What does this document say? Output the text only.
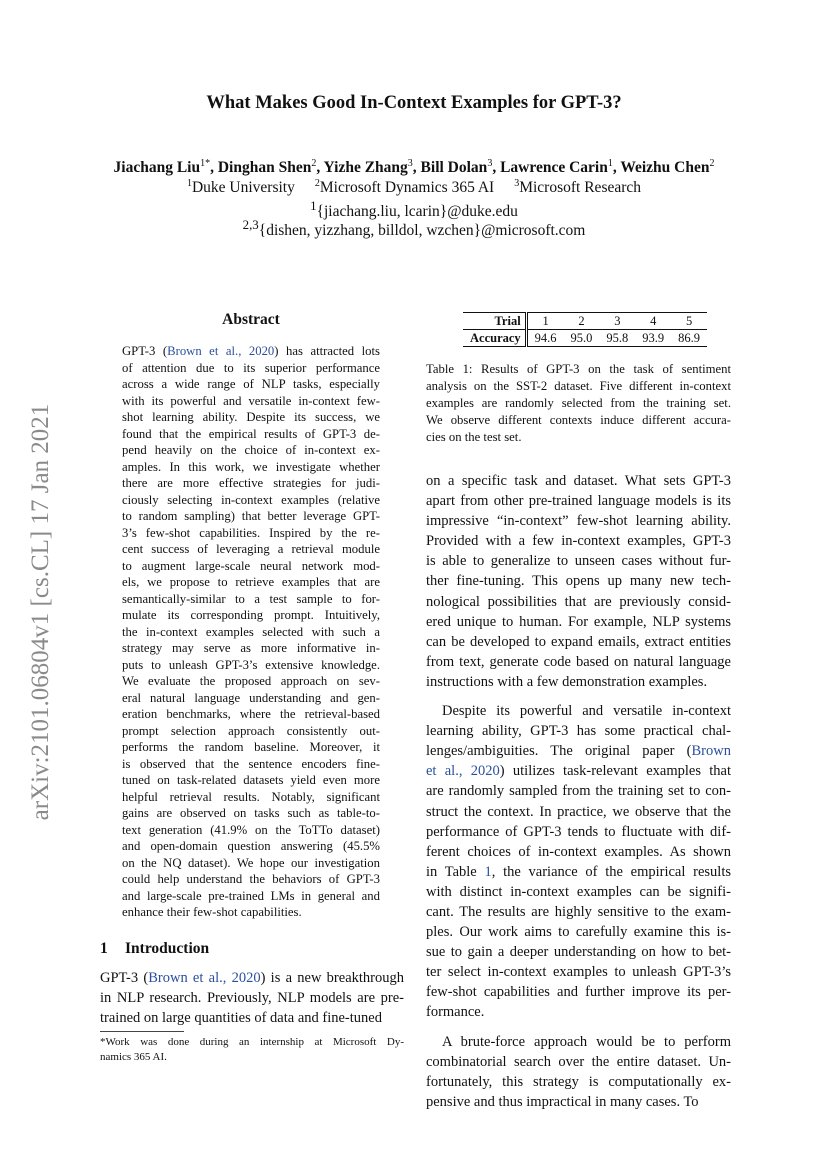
What Makes Good In-Context Examples for GPT-3?
Jiachang Liu$^{1*}$, Dinghan Shen$^2$, Yizhe Zhang$^3$, Bill Dolan$^3$, Lawrence Carin$^1$, Weizhu Chen$^2$
$^1$Duke University $^2$Microsoft Dynamics 365 AI $^3$Microsoft Research
$^1${jiachang.liu, lcarin}@duke.edu
$^{2,3}${dishen, yizzhang, billdol, wzchen}@microsoft.com
arXiv:2101.06804v1 [cs.CL] 17 Jan 2021
Abstract
GPT-3 (Brown et al., 2020) has attracted lots
of attention due to its superior performance
across a wide range of NLP tasks, especially
with its powerful and versatile in-context few-
shot learning ability. Despite its success, we
found that the empirical results of GPT-3 de-
pend heavily on the choice of in-context ex-
amples. In this work, we investigate whether
there are more effective strategies for judi-
ciously selecting in-context examples (relative
to random sampling) that better leverage GPT-
3’s few-shot capabilities. Inspired by the re-
cent success of leveraging a retrieval module
to augment large-scale neural network mod-
els, we propose to retrieve examples that are
semantically-similar to a test sample to for-
mulate its corresponding prompt. Intuitively,
the in-context examples selected with such a
strategy may serve as more informative in-
puts to unleash GPT-3’s extensive knowledge.
We evaluate the proposed approach on sev-
eral natural language understanding and gen-
eration benchmarks, where the retrieval-based
prompt selection approach consistently out-
performs the random baseline. Moreover, it
is observed that the sentence encoders fine-
tuned on task-related datasets yield even more
helpful retrieval results. Notably, significant
gains are observed on tasks such as table-to-
text generation (41.9% on the ToTTo dataset)
and open-domain question answering (45.5%
on the NQ dataset). We hope our investigation
could help understand the behaviors of GPT-3
and large-scale pre-trained LMs in general and
enhance their few-shot capabilities.
1 Introduction
GPT-3 (Brown et al., 2020) is a new breakthrough
in NLP research. Previously, NLP models are pre-
trained on large quantities of data and fine-tuned
*Work was done during an internship at Microsoft Dy-
namics 365 AI.
Trial	1	2	3	4	5
Accuracy	94.6	95.0	95.8	93.9	86.9
Table 1: Results of GPT-3 on the task of sentiment
analysis on the SST-2 dataset. Five different in-context
examples are randomly selected from the training set.
We observe different contexts induce different accura-
cies on the test set.
on a specific task and dataset. What sets GPT-3
apart from other pre-trained language models is its
impressive “in-context” few-shot learning ability.
Provided with a few in-context examples, GPT-3
is able to generalize to unseen cases without fur-
ther fine-tuning. This opens up many new tech-
nological possibilities that are previously consid-
ered unique to human. For example, NLP systems
can be developed to expand emails, extract entities
from text, generate code based on natural language
instructions with a few demonstration examples.
Despite its powerful and versatile in-context
learning ability, GPT-3 has some practical chal-
lenges/ambiguities. The original paper (Brown
et al., 2020) utilizes task-relevant examples that
are randomly sampled from the training set to con-
struct the context. In practice, we observe that the
performance of GPT-3 tends to fluctuate with dif-
ferent choices of in-context examples. As shown
in Table 1, the variance of the empirical results
with distinct in-context examples can be signifi-
cant. The results are highly sensitive to the exam-
ples. Our work aims to carefully examine this is-
sue to gain a deeper understanding on how to bet-
ter select in-context examples to unleash GPT-3’s
few-shot capabilities and further improve its per-
formance.
A brute-force approach would be to perform
combinatorial search over the entire dataset. Un-
fortunately, this strategy is computationally ex-
pensive and thus impractical in many cases. To
